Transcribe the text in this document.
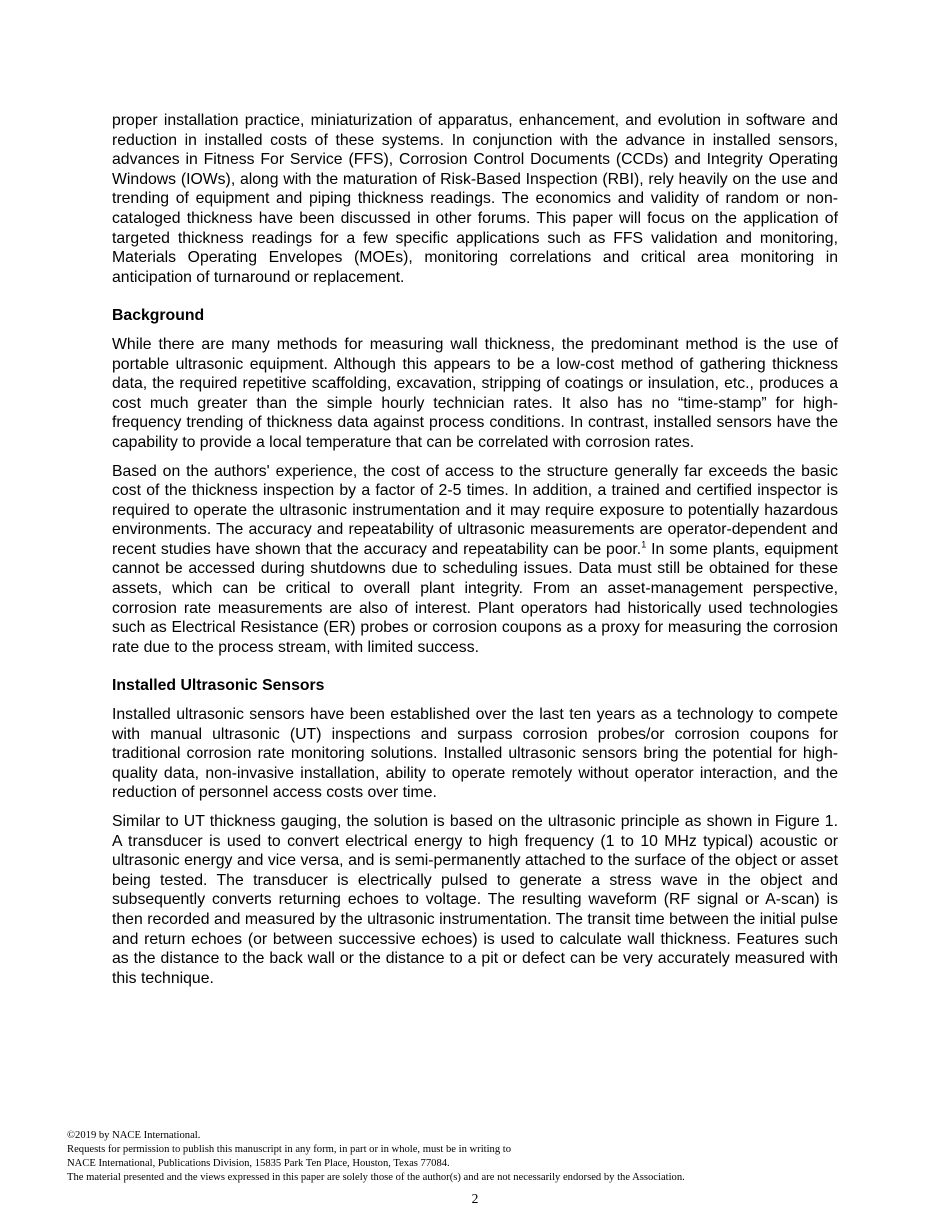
proper installation practice, miniaturization of apparatus, enhancement, and evolution in software and reduction in installed costs of these systems. In conjunction with the advance in installed sensors, advances in Fitness For Service (FFS), Corrosion Control Documents (CCDs) and Integrity Operating Windows (IOWs), along with the maturation of Risk-Based Inspection (RBI), rely heavily on the use and trending of equipment and piping thickness readings. The economics and validity of random or non-cataloged thickness have been discussed in other forums. This paper will focus on the application of targeted thickness readings for a few specific applications such as FFS validation and monitoring, Materials Operating Envelopes (MOEs), monitoring correlations and critical area monitoring in anticipation of turnaround or replacement.

Background

While there are many methods for measuring wall thickness, the predominant method is the use of portable ultrasonic equipment. Although this appears to be a low-cost method of gathering thickness data, the required repetitive scaffolding, excavation, stripping of coatings or insulation, etc., produces a cost much greater than the simple hourly technician rates. It also has no “time-stamp” for high-frequency trending of thickness data against process conditions. In contrast, installed sensors have the capability to provide a local temperature that can be correlated with corrosion rates.

Based on the authors' experience, the cost of access to the structure generally far exceeds the basic cost of the thickness inspection by a factor of 2-5 times. In addition, a trained and certified inspector is required to operate the ultrasonic instrumentation and it may require exposure to potentially hazardous environments. The accuracy and repeatability of ultrasonic measurements are operator-dependent and recent studies have shown that the accuracy and repeatability can be poor.$^1$ In some plants, equipment cannot be accessed during shutdowns due to scheduling issues. Data must still be obtained for these assets, which can be critical to overall plant integrity. From an asset-management perspective, corrosion rate measurements are also of interest. Plant operators had historically used technologies such as Electrical Resistance (ER) probes or corrosion coupons as a proxy for measuring the corrosion rate due to the process stream, with limited success.

Installed Ultrasonic Sensors

Installed ultrasonic sensors have been established over the last ten years as a technology to compete with manual ultrasonic (UT) inspections and surpass corrosion probes/or corrosion coupons for traditional corrosion rate monitoring solutions. Installed ultrasonic sensors bring the potential for high-quality data, non-invasive installation, ability to operate remotely without operator interaction, and the reduction of personnel access costs over time.

Similar to UT thickness gauging, the solution is based on the ultrasonic principle as shown in Figure 1. A transducer is used to convert electrical energy to high frequency (1 to 10 MHz typical) acoustic or ultrasonic energy and vice versa, and is semi-permanently attached to the surface of the object or asset being tested. The transducer is electrically pulsed to generate a stress wave in the object and subsequently converts returning echoes to voltage. The resulting waveform (RF signal or A-scan) is then recorded and measured by the ultrasonic instrumentation. The transit time between the initial pulse and return echoes (or between successive echoes) is used to calculate wall thickness. Features such as the distance to the back wall or the distance to a pit or defect can be very accurately measured with this technique.

©2019 by NACE International.
Requests for permission to publish this manuscript in any form, in part or in whole, must be in writing to
NACE International, Publications Division, 15835 Park Ten Place, Houston, Texas 77084.
The material presented and the views expressed in this paper are solely those of the author(s) and are not necessarily endorsed by the Association.
2
